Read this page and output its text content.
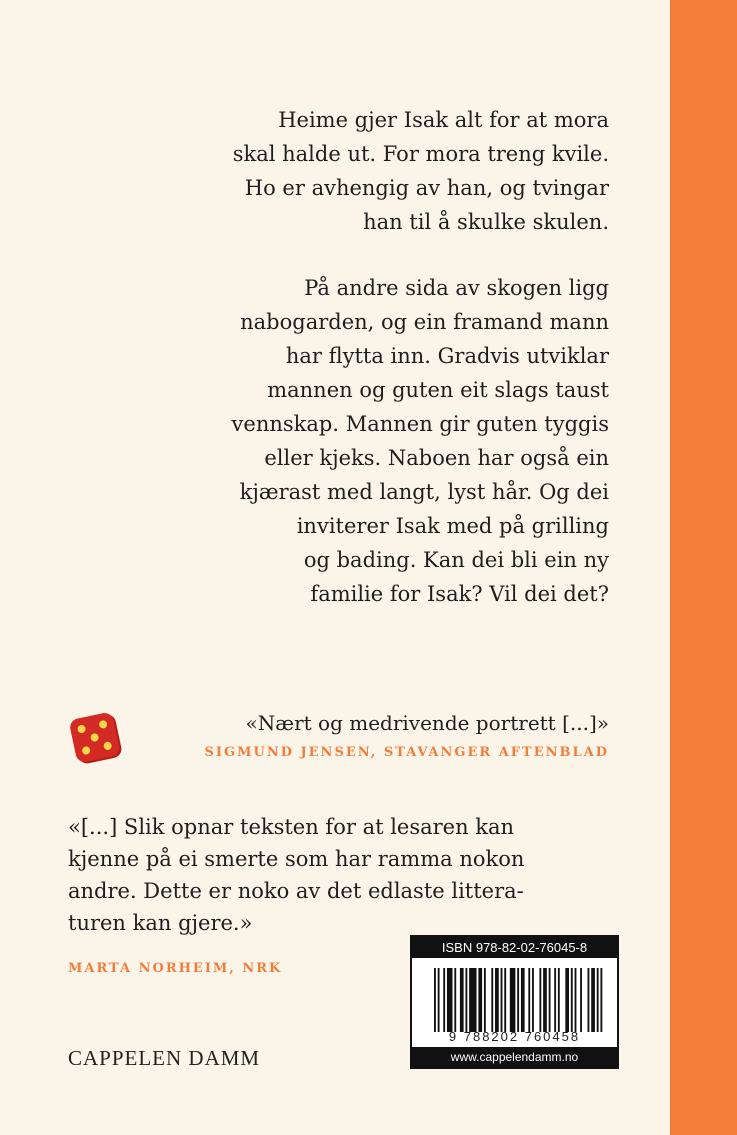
Heime gjer Isak alt for at mora
skal halde ut. For mora treng kvile.
Ho er avhengig av han, og tvingar
han til å skulke skulen.

På andre sida av skogen ligg
nabogarden, og ein framand mann
har flytta inn. Gradvis utviklar
mannen og guten eit slags taust
vennskap. Mannen gir guten tyggis
eller kjeks. Naboen har også ein
kjærast med langt, lyst hår. Og dei
inviterer Isak med på grilling
og bading. Kan dei bli ein ny
familie for Isak? Vil dei det?

«Nært og medrivende portrett [...]»
SIGMUND JENSEN, STAVANGER AFTENBLAD
«[...] Slik opnar teksten for at lesaren kan
kjenne på ei smerte som har ramma nokon
andre. Dette er noko av det edlaste littera-
turen kan gjere.»
MARTA NORHEIM, NRK
CAPPELEN DAMM
ISBN 978-82-02-76045-8
9 788202 760458
www.cappelendamm.no
